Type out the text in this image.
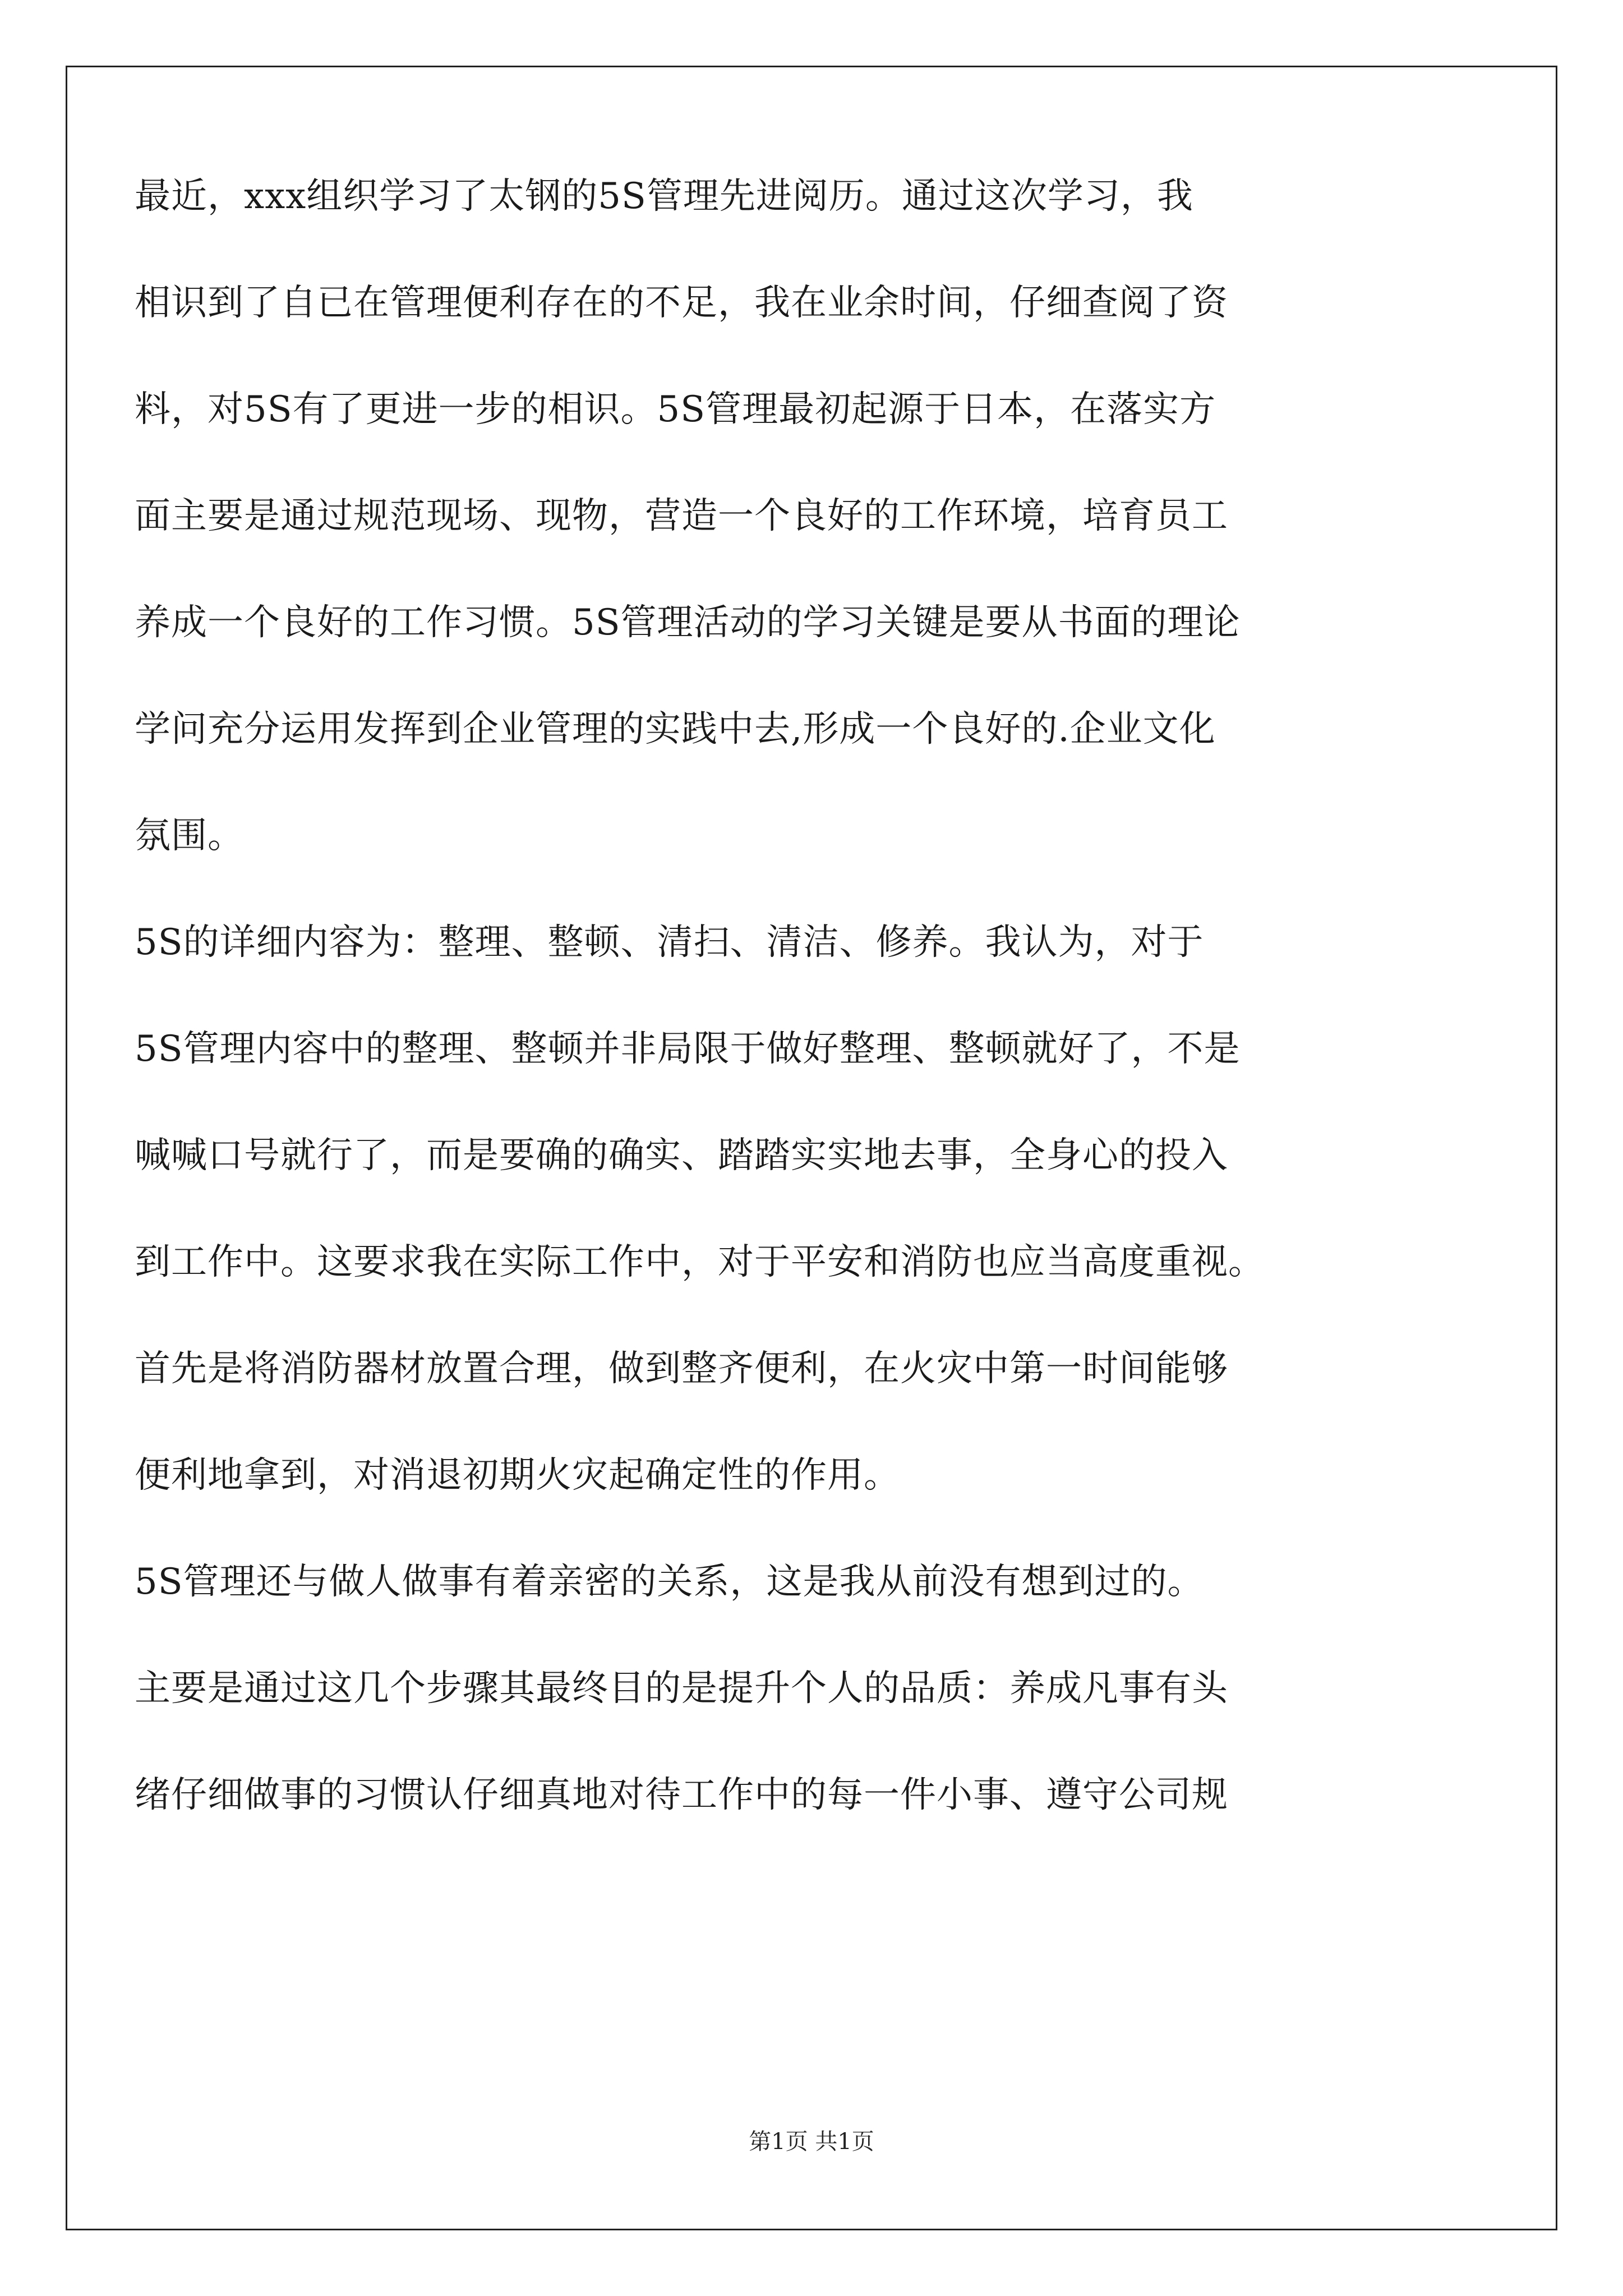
最近，xxx组织学习了太钢的5S管理先进阅历。通过这次学习，我
相识到了自已在管理便利存在的不足，我在业余时间，仔细查阅了资
料，对5S有了更进一步的相识。5S管理最初起源于日本，在落实方
面主要是通过规范现场、现物，营造一个良好的工作环境，培育员工
养成一个良好的工作习惯。5S管理活动的学习关键是要从书面的理论
学问充分运用发挥到企业管理的实践中去,形成一个良好的.企业文化
氛围。
5S的详细内容为：整理、整顿、清扫、清洁、修养。我认为，对于
5S管理内容中的整理、整顿并非局限于做好整理、整顿就好了，不是
喊喊口号就行了，而是要确的确实、踏踏实实地去事，全身心的投入
到工作中。这要求我在实际工作中，对于平安和消防也应当高度重视。
首先是将消防器材放置合理，做到整齐便利，在火灾中第一时间能够
便利地拿到，对消退初期火灾起确定性的作用。
5S管理还与做人做事有着亲密的关系，这是我从前没有想到过的。
主要是通过这几个步骤其最终目的是提升个人的品质：养成凡事有头
绪仔细做事的习惯认仔细真地对待工作中的每一件小事、遵守公司规
第1页 共1页
